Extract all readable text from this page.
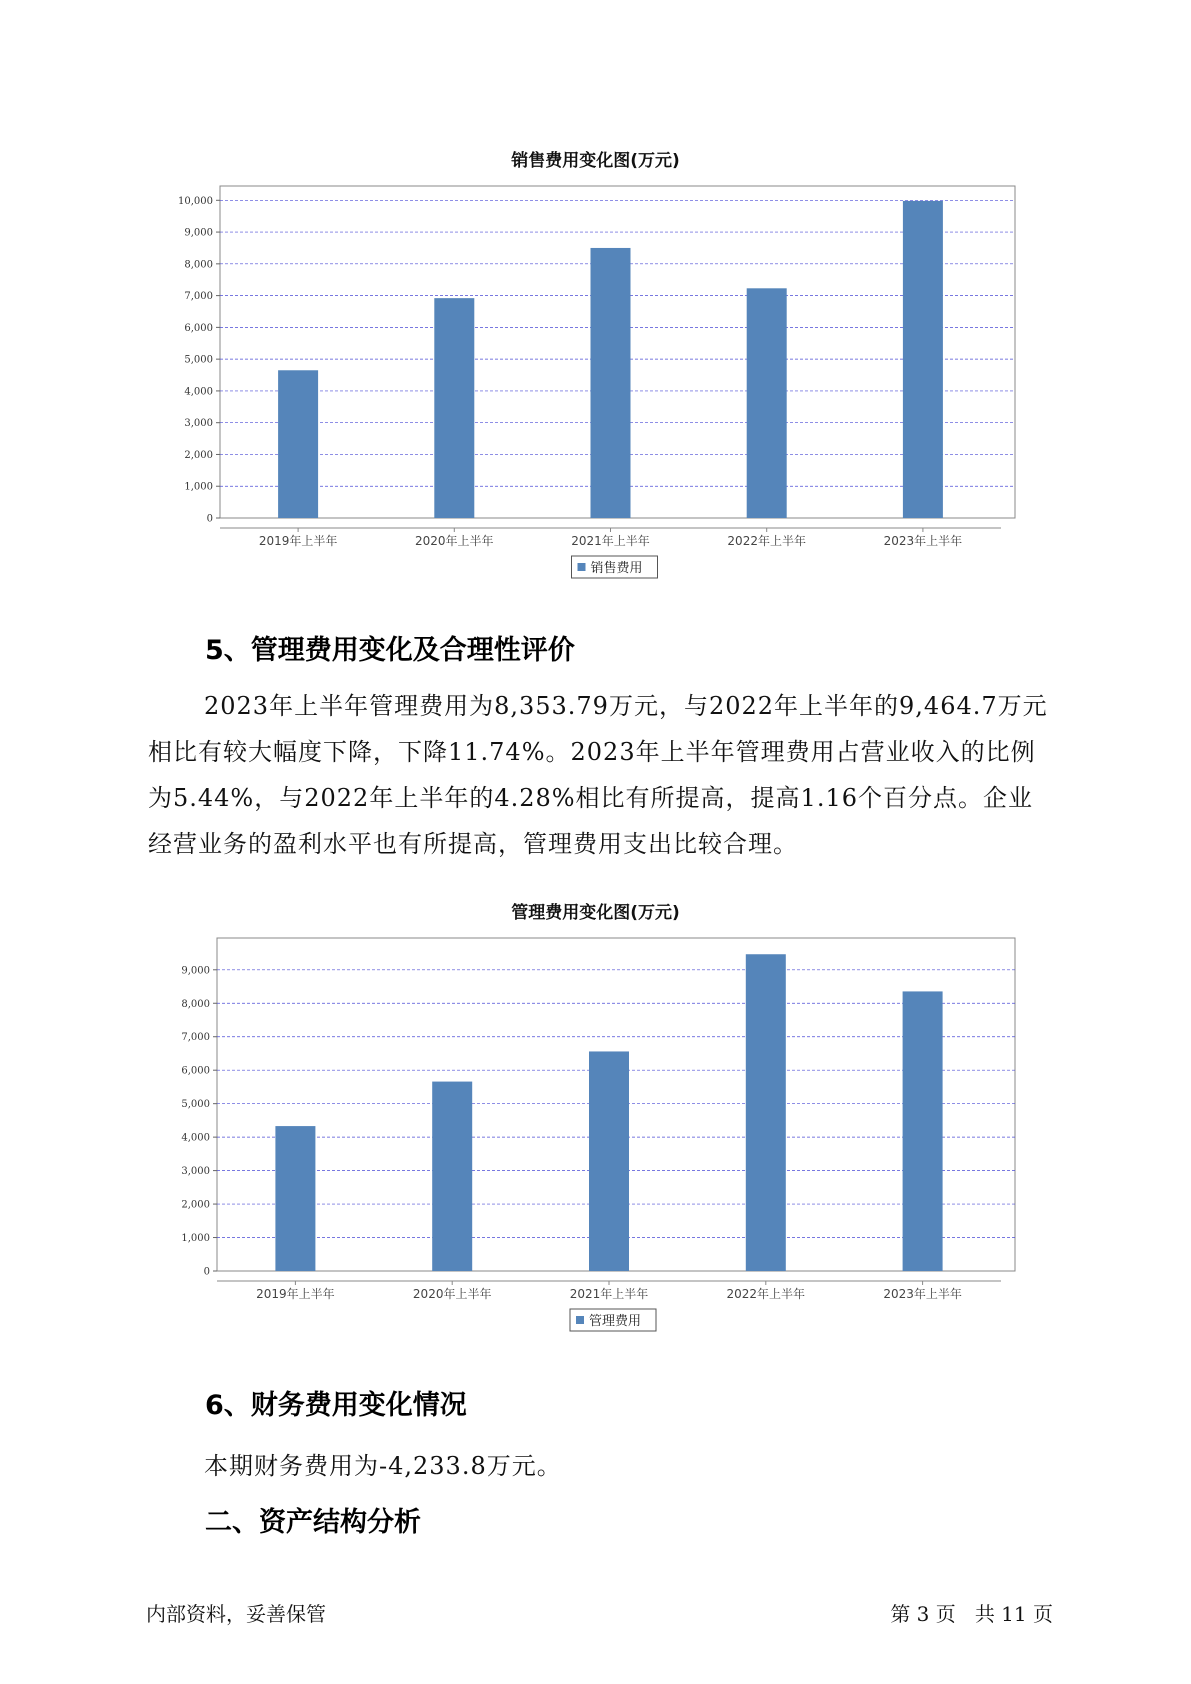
销售费用变化图(万元)
0
1,000
2,000
3,000
4,000
5,000
6,000
7,000
8,000
9,000
10,000
2019年上半年	2020年上半年	2021年上半年	2022年上半年	2023年上半年
销售费用
5、管理费用变化及合理性评价

2023年上半年管理费用为8,353.79万元，与2022年上半年的9,464.7万元相比有较大幅度下降，下降11.74%。2023年上半年管理费用占营业收入的比例为5.44%，与2022年上半年的4.28%相比有所提高，提高1.16个百分点。企业经营业务的盈利水平也有所提高，管理费用支出比较合理。

管理费用变化图(万元)
0
1,000
2,000
3,000
4,000
5,000
6,000
7,000
8,000
9,000
2019年上半年	2020年上半年	2021年上半年	2022年上半年	2023年上半年
管理费用
6、财务费用变化情况
本期财务费用为-4,233.8万元。
二、资产结构分析
内部资料，妥善保管	第 3 页   共 11 页
